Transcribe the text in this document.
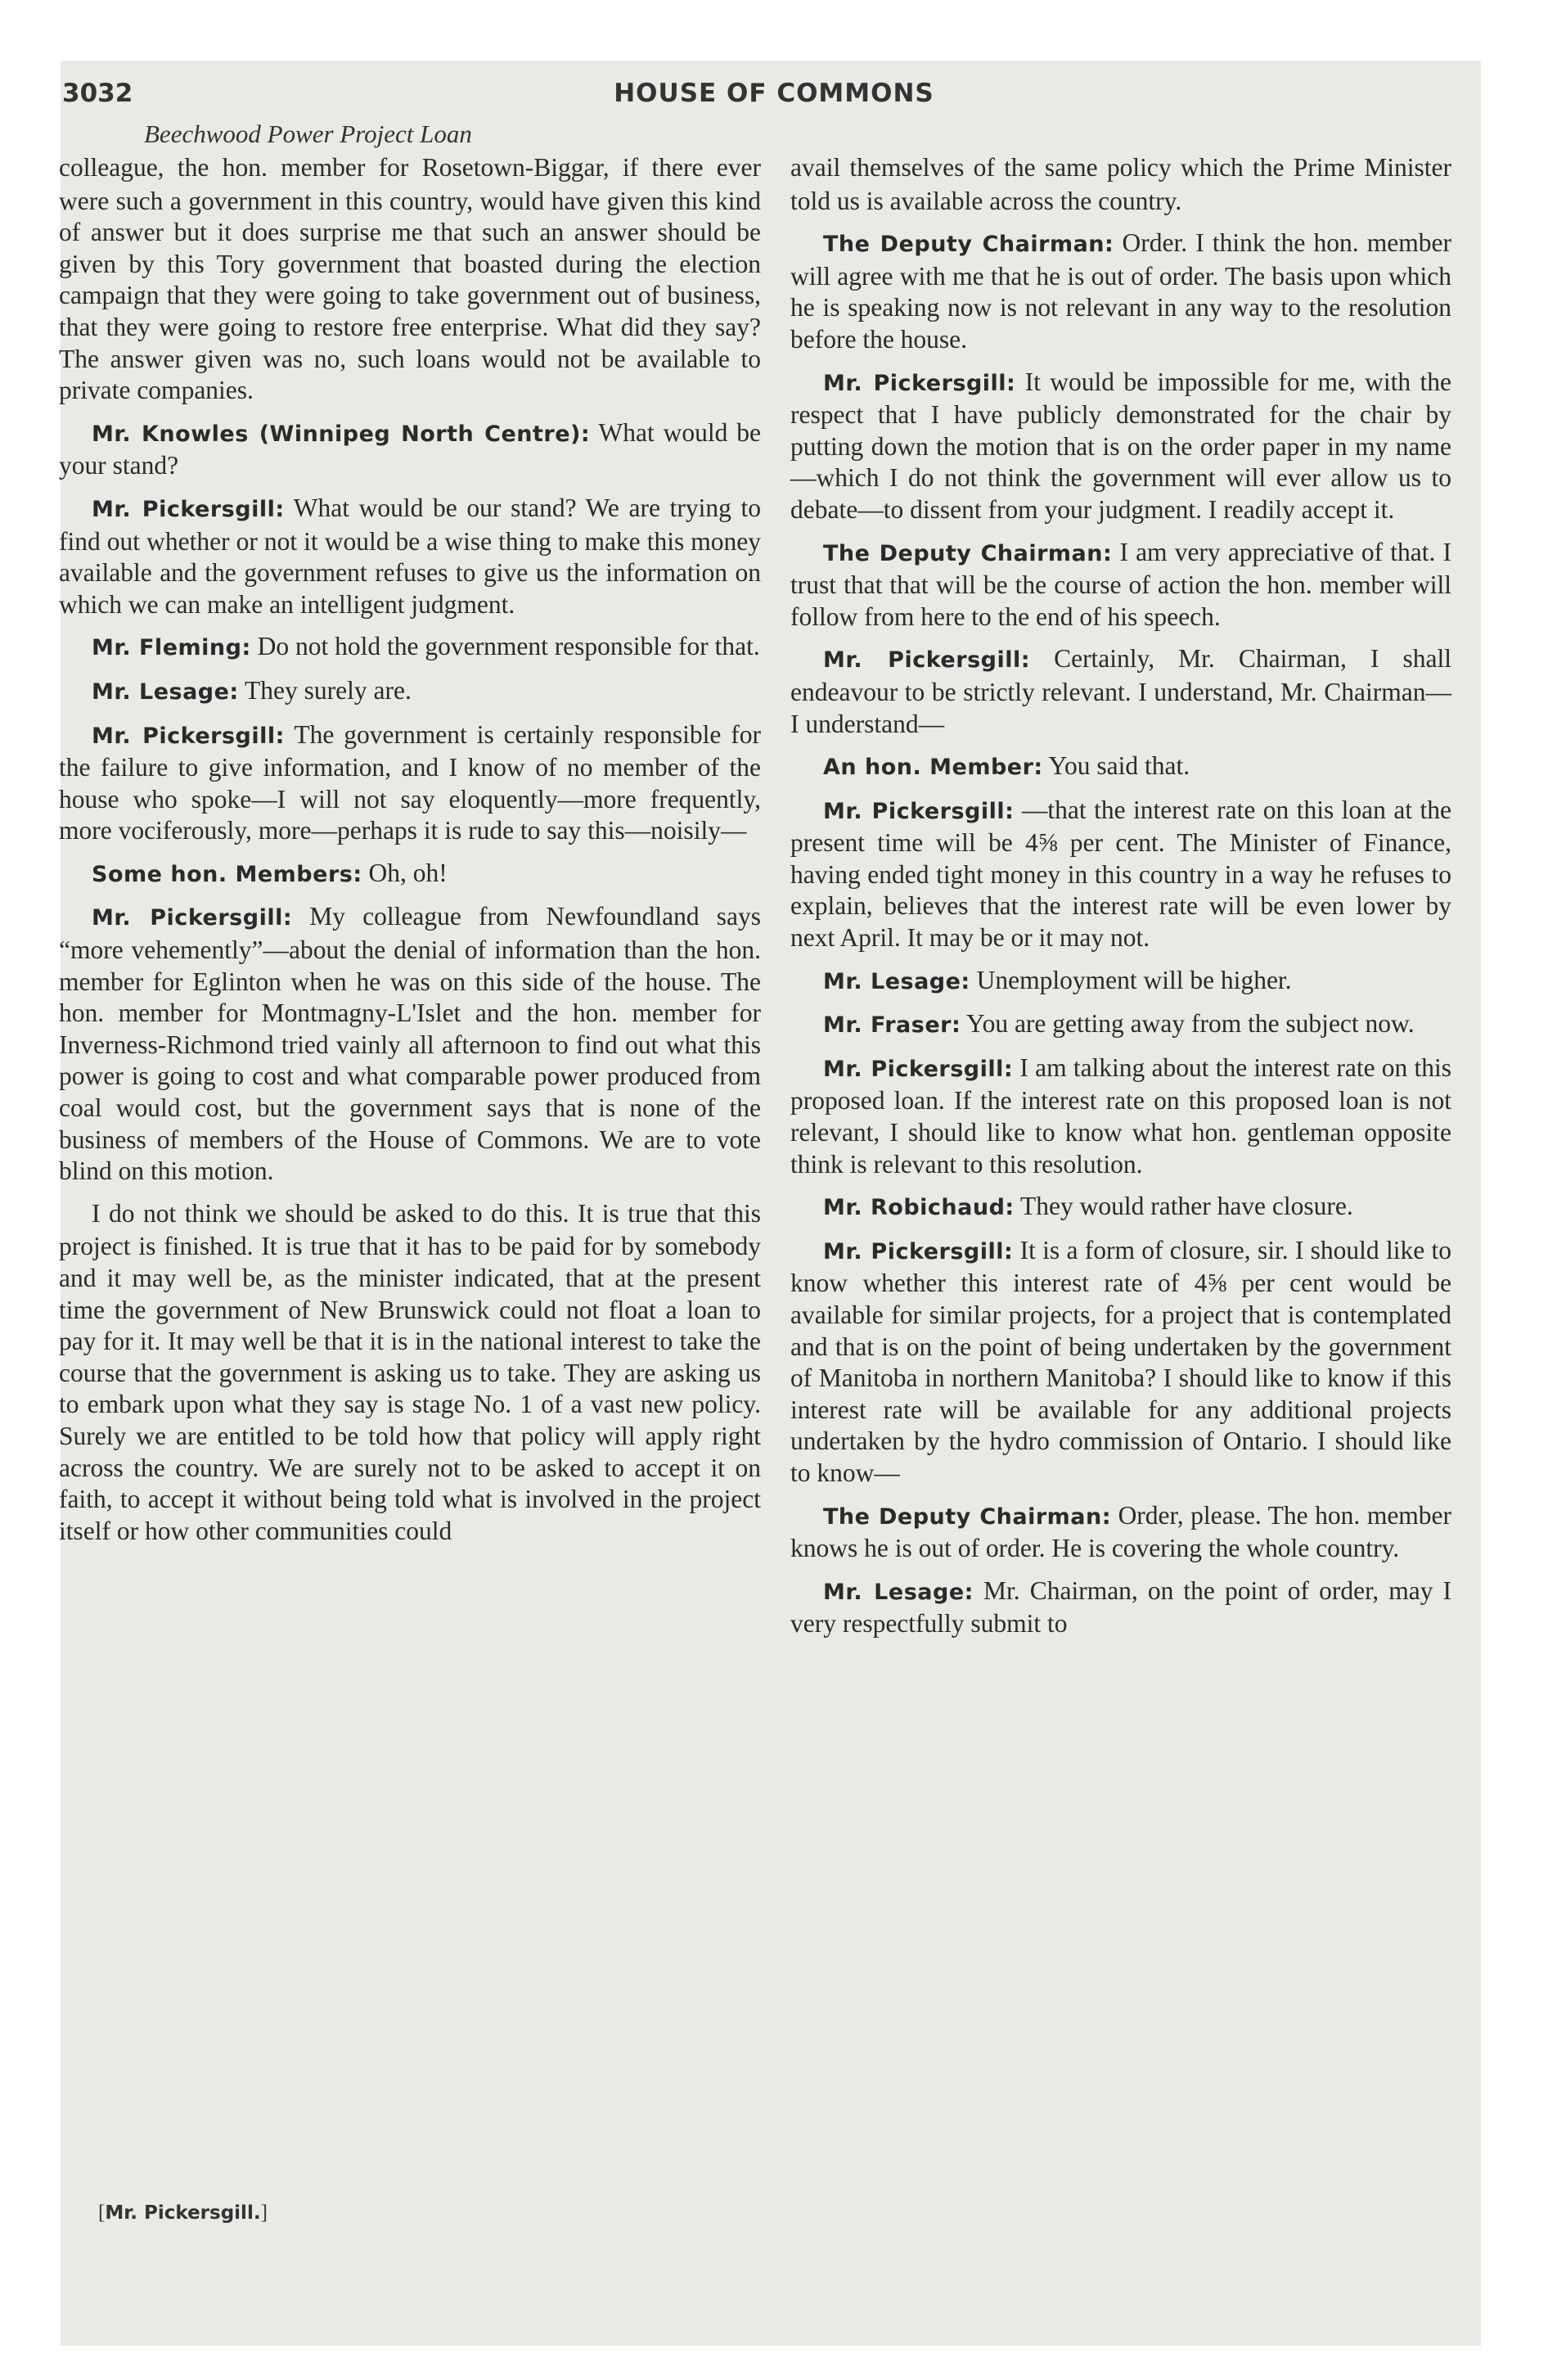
3032	HOUSE OF COMMONS
Beechwood Power Project Loan

colleague, the hon. member for Rosetown-Biggar, if there ever were such a government in this country, would have given this kind of answer but it does surprise me that such an answer should be given by this Tory government that boasted during the election campaign that they were going to take government out of business, that they were going to restore free enterprise. What did they say? The answer given was no, such loans would not be available to private companies.

Mr. Knowles (Winnipeg North Centre): What would be your stand?

Mr. Pickersgill: What would be our stand? We are trying to find out whether or not it would be a wise thing to make this money available and the government refuses to give us the information on which we can make an intelligent judgment.

Mr. Fleming: Do not hold the government responsible for that.

Mr. Lesage: They surely are.

Mr. Pickersgill: The government is certainly responsible for the failure to give information, and I know of no member of the house who spoke—I will not say eloquently—more frequently, more vociferously, more—perhaps it is rude to say this—noisily—

Some hon. Members: Oh, oh!

Mr. Pickersgill: My colleague from Newfoundland says “more vehemently”—about the denial of information than the hon. member for Eglinton when he was on this side of the house. The hon. member for Montmagny-L'Islet and the hon. member for Inverness-Richmond tried vainly all afternoon to find out what this power is going to cost and what comparable power produced from coal would cost, but the government says that is none of the business of members of the House of Commons. We are to vote blind on this motion.

I do not think we should be asked to do this. It is true that this project is finished. It is true that it has to be paid for by somebody and it may well be, as the minister indicated, that at the present time the government of New Brunswick could not float a loan to pay for it. It may well be that it is in the national interest to take the course that the government is asking us to take. They are asking us to embark upon what they say is stage No. 1 of a vast new policy. Surely we are entitled to be told how that policy will apply right across the country. We are surely not to be asked to accept it on faith, to accept it without being told what is involved in the project itself or how other communities could

avail themselves of the same policy which the Prime Minister told us is available across the country.

The Deputy Chairman: Order. I think the hon. member will agree with me that he is out of order. The basis upon which he is speaking now is not relevant in any way to the resolution before the house.

Mr. Pickersgill: It would be impossible for me, with the respect that I have publicly demonstrated for the chair by putting down the motion that is on the order paper in my name—which I do not think the government will ever allow us to debate—to dissent from your judgment. I readily accept it.

The Deputy Chairman: I am very appreciative of that. I trust that that will be the course of action the hon. member will follow from here to the end of his speech.

Mr. Pickersgill: Certainly, Mr. Chairman, I shall endeavour to be strictly relevant. I understand, Mr. Chairman—I understand—

An hon. Member: You said that.

Mr. Pickersgill: —that the interest rate on this loan at the present time will be 4⅝ per cent. The Minister of Finance, having ended tight money in this country in a way he refuses to explain, believes that the interest rate will be even lower by next April. It may be or it may not.

Mr. Lesage: Unemployment will be higher.

Mr. Fraser: You are getting away from the subject now.

Mr. Pickersgill: I am talking about the interest rate on this proposed loan. If the interest rate on this proposed loan is not relevant, I should like to know what hon. gentleman opposite think is relevant to this resolution.

Mr. Robichaud: They would rather have closure.

Mr. Pickersgill: It is a form of closure, sir. I should like to know whether this interest rate of 4⅝ per cent would be available for similar projects, for a project that is contemplated and that is on the point of being undertaken by the government of Manitoba in northern Manitoba? I should like to know if this interest rate will be available for any additional projects undertaken by the hydro commission of Ontario. I should like to know—

The Deputy Chairman: Order, please. The hon. member knows he is out of order. He is covering the whole country.

Mr. Lesage: Mr. Chairman, on the point of order, may I very respectfully submit to

[Mr. Pickersgill.]
